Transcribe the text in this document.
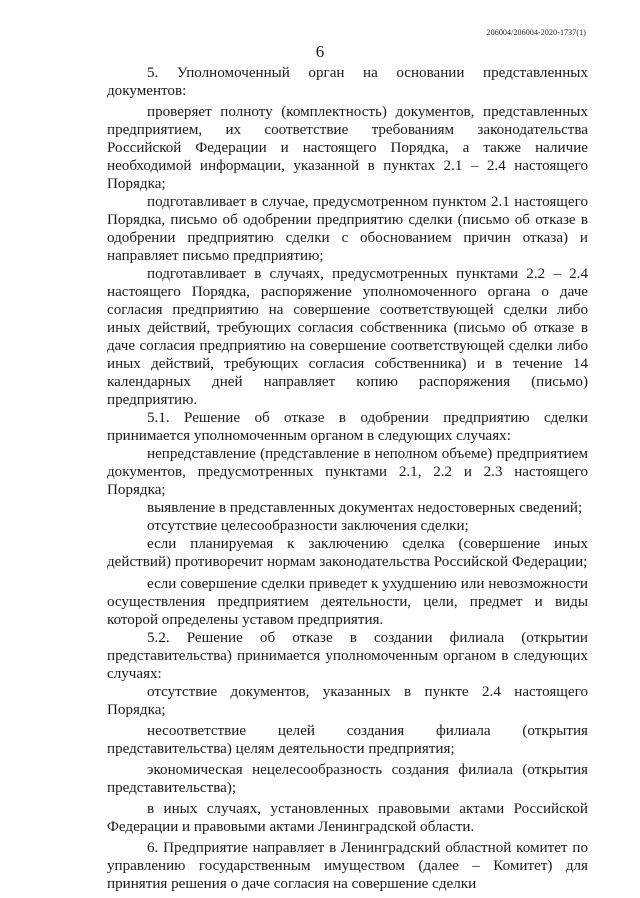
206004/206004-2020-1737(1)
6

5. Уполномоченный орган на основании представленных документов:

проверяет полноту (комплектность) документов, представленных предприятием, их соответствие требованиям законодательства Российской Федерации и настоящего Порядка, а также наличие необходимой информации, указанной в пунктах 2.1 – 2.4 настоящего Порядка;

подготавливает в случае, предусмотренном пунктом 2.1 настоящего Порядка, письмо об одобрении предприятию сделки (письмо об отказе в одобрении предприятию сделки с обоснованием причин отказа) и направляет письмо предприятию;

подготавливает в случаях, предусмотренных пунктами 2.2 – 2.4 настоящего Порядка, распоряжение уполномоченного органа о даче согласия предприятию на совершение соответствующей сделки либо иных действий, требующих согласия собственника (письмо об отказе в даче согласия предприятию на совершение соответствующей сделки либо иных действий, требующих согласия собственника) и в течение 14 календарных дней направляет копию распоряжения (письмо) предприятию.

5.1. Решение об отказе в одобрении предприятию сделки принимается уполномоченным органом в следующих случаях:

непредставление (представление в неполном объеме) предприятием документов, предусмотренных пунктами 2.1, 2.2 и 2.3 настоящего Порядка;

выявление в представленных документах недостоверных сведений;

отсутствие целесообразности заключения сделки;

если планируемая к заключению сделка (совершение иных действий) противоречит нормам законодательства Российской Федерации;

если совершение сделки приведет к ухудшению или невозможности осуществления предприятием деятельности, цели, предмет и виды которой определены уставом предприятия.

5.2. Решение об отказе в создании филиала (открытии представительства) принимается уполномоченным органом в следующих случаях:

отсутствие документов, указанных в пункте 2.4 настоящего Порядка;

несоответствие целей создания филиала (открытия представительства) целям деятельности предприятия;

экономическая нецелесообразность создания филиала (открытия представительства);

в иных случаях, установленных правовыми актами Российской Федерации и правовыми актами Ленинградской области.

6. Предприятие направляет в Ленинградский областной комитет по управлению государственным имуществом (далее – Комитет) для принятия решения о даче согласия на совершение сделки
